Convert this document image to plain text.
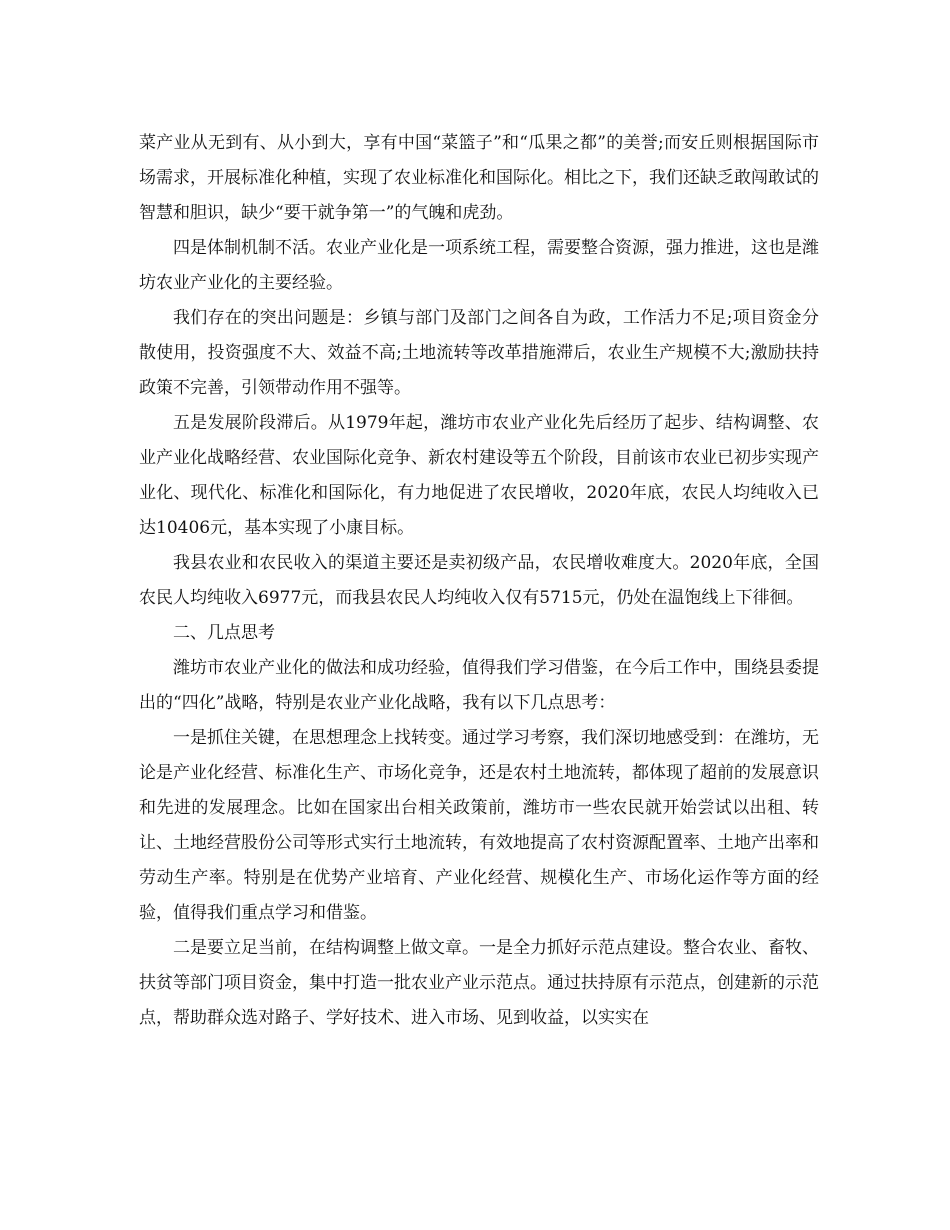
菜产业从无到有、从小到大，享有中国“菜篮子”和“瓜果之都”的美誉;而安丘则根据国际市场需求，开展标准化种植，实现了农业标准化和国际化。相比之下，我们还缺乏敢闯敢试的智慧和胆识，缺少“要干就争第一”的气魄和虎劲。

四是体制机制不活。农业产业化是一项系统工程，需要整合资源，强力推进，这也是潍坊农业产业化的主要经验。

我们存在的突出问题是：乡镇与部门及部门之间各自为政，工作活力不足;项目资金分散使用，投资强度不大、效益不高;土地流转等改革措施滞后，农业生产规模不大;激励扶持政策不完善，引领带动作用不强等。

五是发展阶段滞后。从1979年起，潍坊市农业产业化先后经历了起步、结构调整、农业产业化战略经营、农业国际化竞争、新农村建设等五个阶段，目前该市农业已初步实现产业化、现代化、标准化和国际化，有力地促进了农民增收，2020年底，农民人均纯收入已达10406元，基本实现了小康目标。

我县农业和农民收入的渠道主要还是卖初级产品，农民增收难度大。2020年底，全国农民人均纯收入6977元，而我县农民人均纯收入仅有5715元，仍处在温饱线上下徘徊。

二、几点思考

潍坊市农业产业化的做法和成功经验，值得我们学习借鉴，在今后工作中，围绕县委提出的“四化”战略，特别是农业产业化战略，我有以下几点思考：

一是抓住关键，在思想理念上找转变。通过学习考察，我们深切地感受到：在潍坊，无论是产业化经营、标准化生产、市场化竞争，还是农村土地流转，都体现了超前的发展意识和先进的发展理念。比如在国家出台相关政策前，潍坊市一些农民就开始尝试以出租、转让、土地经营股份公司等形式实行土地流转，有效地提高了农村资源配置率、土地产出率和劳动生产率。特别是在优势产业培育、产业化经营、规模化生产、市场化运作等方面的经验，值得我们重点学习和借鉴。

二是要立足当前，在结构调整上做文章。一是全力抓好示范点建设。整合农业、畜牧、扶贫等部门项目资金，集中打造一批农业产业示范点。通过扶持原有示范点，创建新的示范点，帮助群众选对路子、学好技术、进入市场、见到收益，以实实在
